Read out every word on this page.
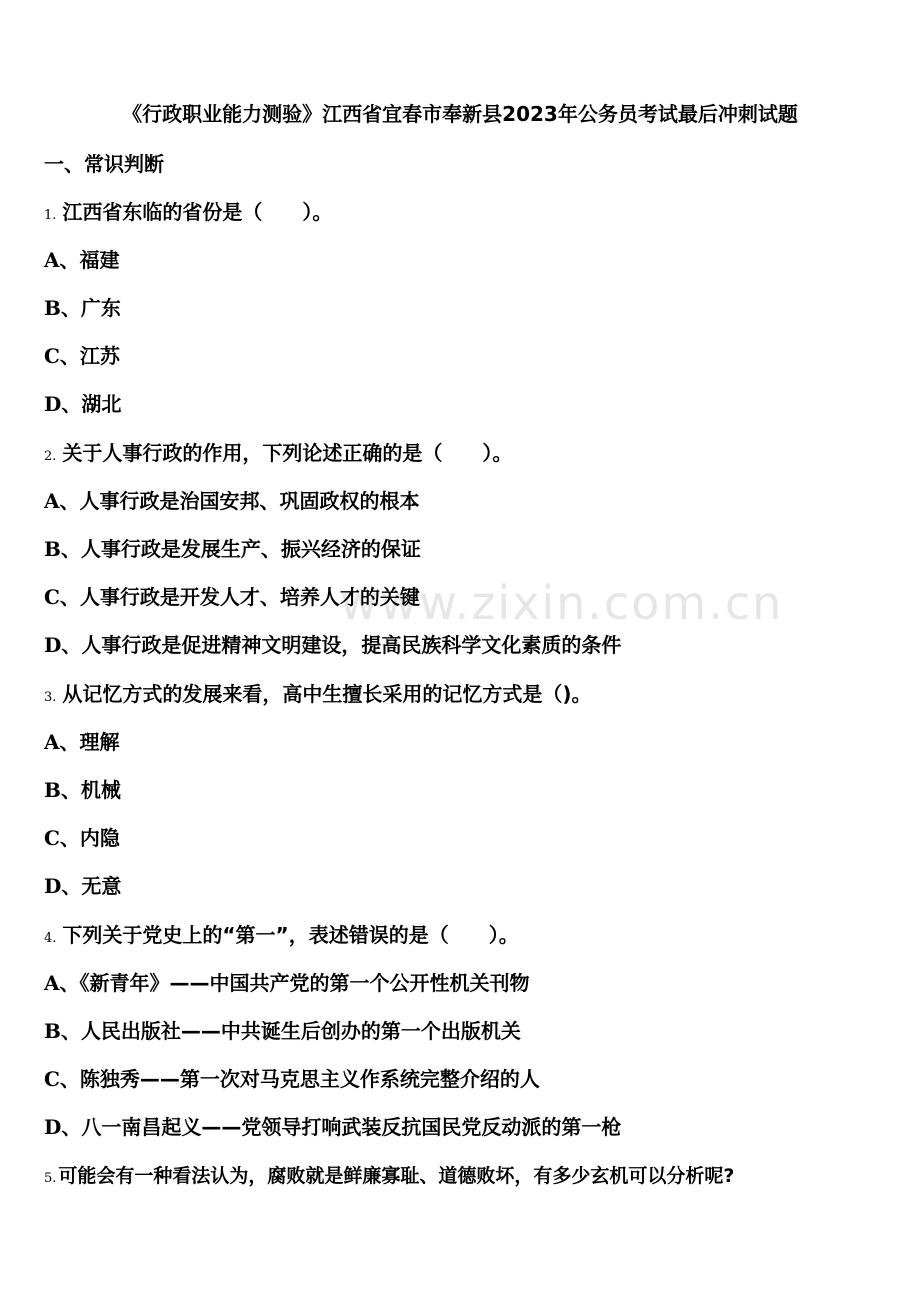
www.zixin.com.cn
《行政职业能力测验》江西省宜春市奉新县2023年公务员考试最后冲刺试题
一、常识判断
1. 江西省东临的省份是（　　）。
A、福建
B、广东
C、江苏
D、湖北
2. 关于人事行政的作用，下列论述正确的是（　　）。
A、人事行政是治国安邦、巩固政权的根本
B、人事行政是发展生产、振兴经济的保证
C、人事行政是开发人才、培养人才的关键
D、人事行政是促进精神文明建设，提高民族科学文化素质的条件
3. 从记忆方式的发展来看，高中生擅长采用的记忆方式是（)。
A、理解
B、机械
C、内隐
D、无意
4. 下列关于党史上的“第一”，表述错误的是（　　）。
A、《新青年》——中国共产党的第一个公开性机关刊物
B、人民出版社——中共诞生后创办的第一个出版机关
C、陈独秀——第一次对马克思主义作系统完整介绍的人
D、八一南昌起义——党领导打响武装反抗国民党反动派的第一枪
5. 可能会有一种看法认为，腐败就是鲜廉寡耻、道德败坏，有多少玄机可以分析呢?
